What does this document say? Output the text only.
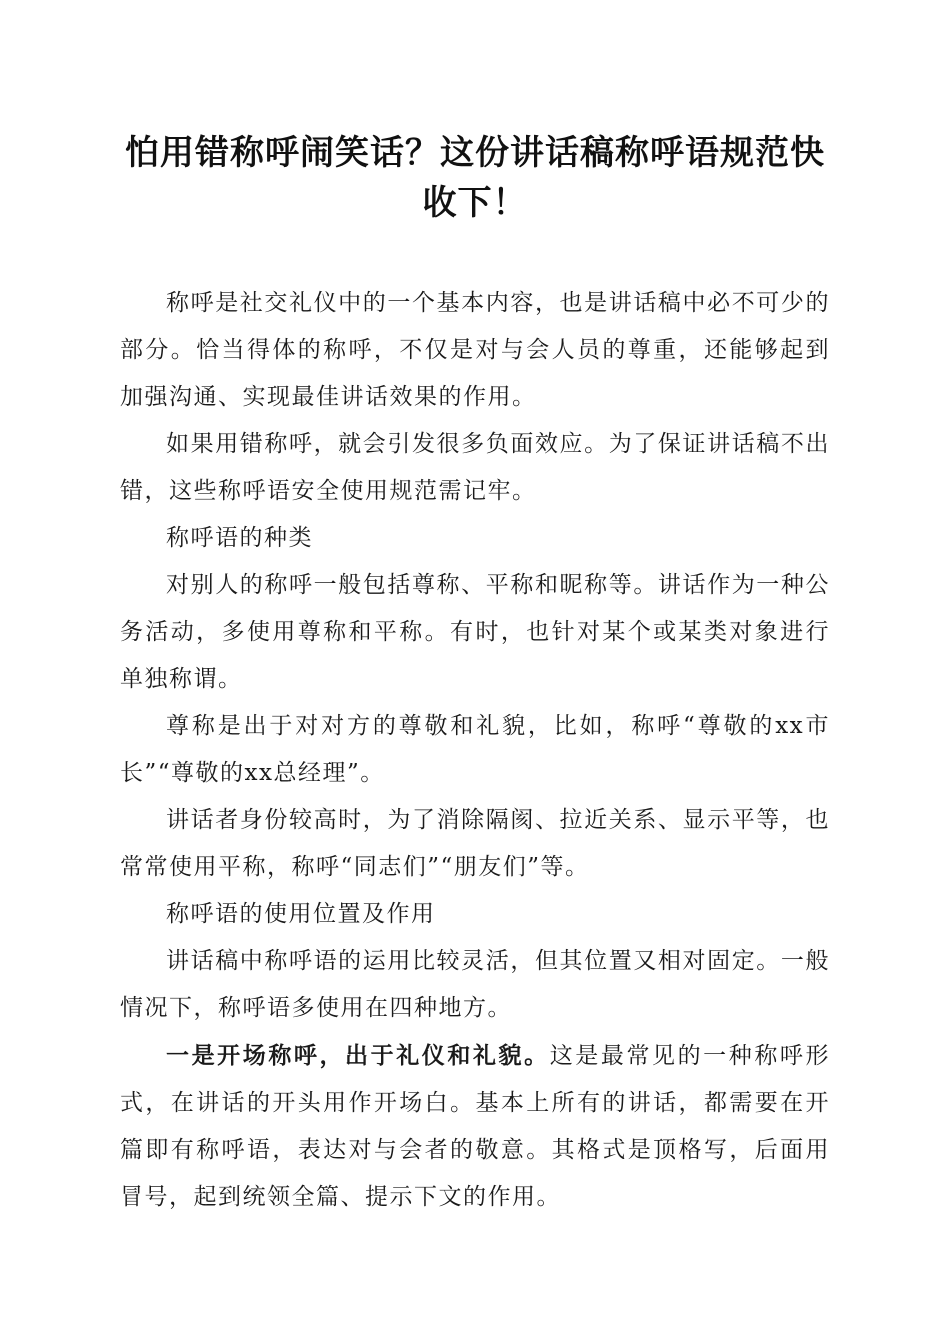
怕用错称呼闹笑话？这份讲话稿称呼语规范快收下！

称呼是社交礼仪中的一个基本内容，也是讲话稿中必不可少的部分。恰当得体的称呼，不仅是对与会人员的尊重，还能够起到加强沟通、实现最佳讲话效果的作用。

如果用错称呼，就会引发很多负面效应。为了保证讲话稿不出错，这些称呼语安全使用规范需记牢。

称呼语的种类

对别人的称呼一般包括尊称、平称和昵称等。讲话作为一种公务活动，多使用尊称和平称。有时，也针对某个或某类对象进行单独称谓。

尊称是出于对对方的尊敬和礼貌，比如，称呼“尊敬的xx市长”“尊敬的xx总经理”。

讲话者身份较高时，为了消除隔阂、拉近关系、显示平等，也常常使用平称，称呼“同志们”“朋友们”等。

称呼语的使用位置及作用

讲话稿中称呼语的运用比较灵活，但其位置又相对固定。一般情况下，称呼语多使用在四种地方。

一是开场称呼，出于礼仪和礼貌。这是最常见的一种称呼形式，在讲话的开头用作开场白。基本上所有的讲话，都需要在开篇即有称呼语，表达对与会者的敬意。其格式是顶格写，后面用冒号，起到统领全篇、提示下文的作用。
